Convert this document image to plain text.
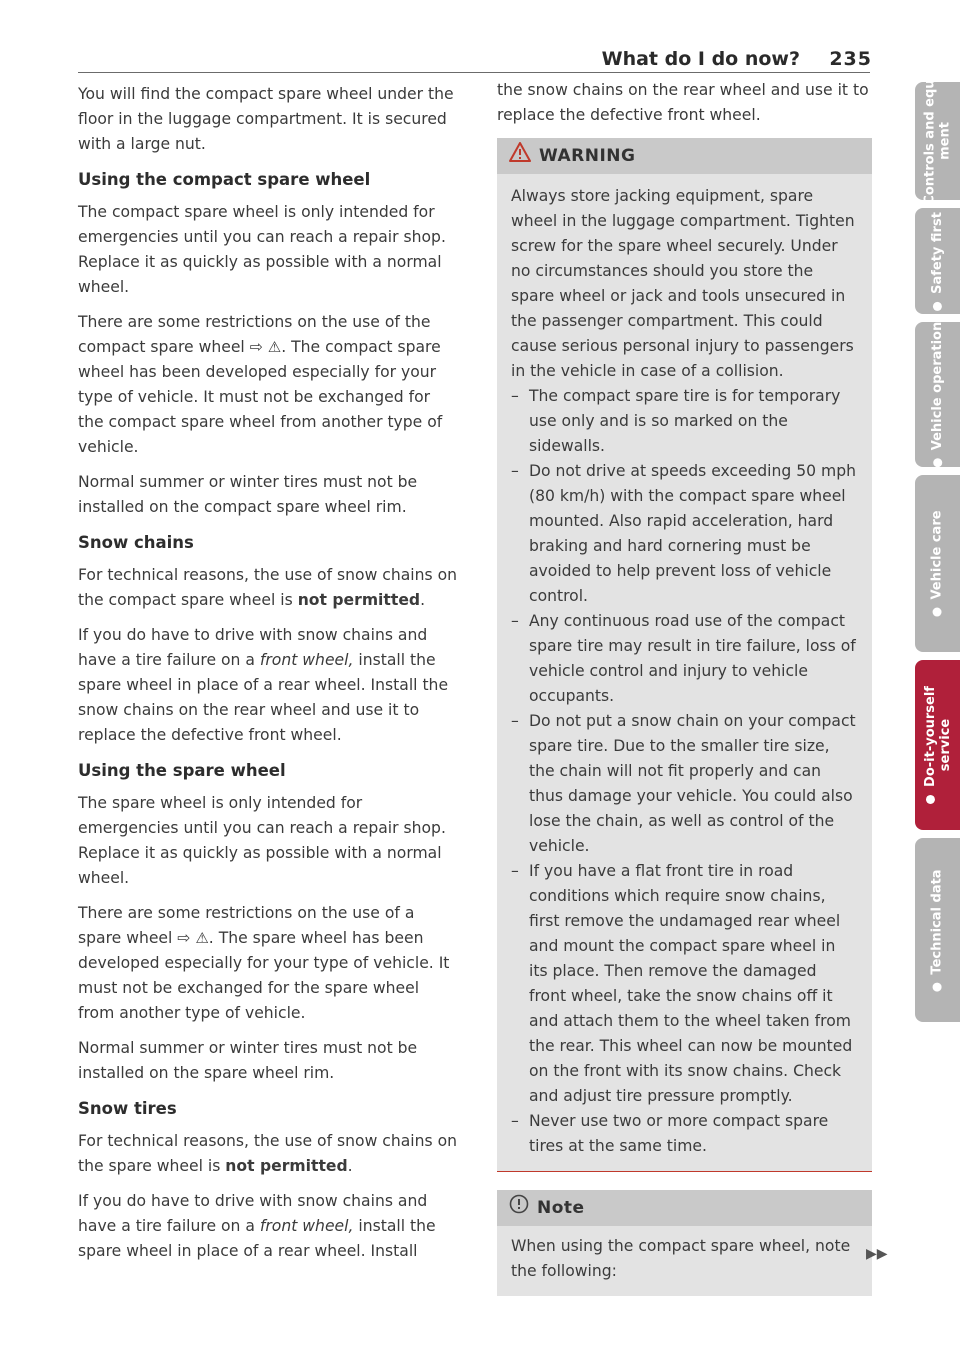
What do I do now? 235

You will find the compact spare wheel under the floor in the luggage compartment. It is secured with a large nut.

Using the compact spare wheel

The compact spare wheel is only intended for emergencies until you can reach a repair shop. Replace it as quickly as possible with a normal wheel.

There are some restrictions on the use of the compact spare wheel ⇨ ⚠. The compact spare wheel has been developed especially for your type of vehicle. It must not be exchanged for the compact spare wheel from another type of vehicle.

Normal summer or winter tires must not be installed on the compact spare wheel rim.

Snow chains

For technical reasons, the use of snow chains on the compact spare wheel is not permitted.

If you do have to drive with snow chains and have a tire failure on a front wheel, install the spare wheel in place of a rear wheel. Install the snow chains on the rear wheel and use it to replace the defective front wheel.

Using the spare wheel

The spare wheel is only intended for emergencies until you can reach a repair shop. Replace it as quickly as possible with a normal wheel.

There are some restrictions on the use of a spare wheel ⇨ ⚠. The spare wheel has been developed especially for your type of vehicle. It must not be exchanged for the spare wheel from another type of vehicle.

Normal summer or winter tires must not be installed on the spare wheel rim.

Snow tires

For technical reasons, the use of snow chains on the spare wheel is not permitted.

If you do have to drive with snow chains and have a tire failure on a front wheel, install the spare wheel in place of a rear wheel. Install

the snow chains on the rear wheel and use it to replace the defective front wheel.

WARNING

Always store jacking equipment, spare wheel in the luggage compartment. Tighten screw for the spare wheel securely. Under no circumstances should you store the spare wheel or jack and tools unsecured in the passenger compartment. This could cause serious personal injury to passengers in the vehicle in case of a collision.

– The compact spare tire is for temporary use only and is so marked on the sidewalls.
– Do not drive at speeds exceeding 50 mph (80 km/h) with the compact spare wheel mounted. Also rapid acceleration, hard braking and hard cornering must be avoided to help prevent loss of vehicle control.
– Any continuous road use of the compact spare tire may result in tire failure, loss of vehicle control and injury to vehicle occupants.
– Do not put a snow chain on your compact spare tire. Due to the smaller tire size, the chain will not fit properly and can thus damage your vehicle. You could also lose the chain, as well as control of the vehicle.
– If you have a flat front tire in road conditions which require snow chains, first remove the undamaged rear wheel and mount the compact spare wheel in its place. Then remove the damaged front wheel, take the snow chains off it and attach them to the wheel taken from the rear. This wheel can now be mounted on the front with its snow chains. Check and adjust tire pressure promptly.
– Never use two or more compact spare tires at the same time.
Note

When using the compact spare wheel, note the following:

▶▶
Controls and equip-
ment
Safety first
Vehicle operation
Vehicle care
Do-it-yourself
service
Technical data
